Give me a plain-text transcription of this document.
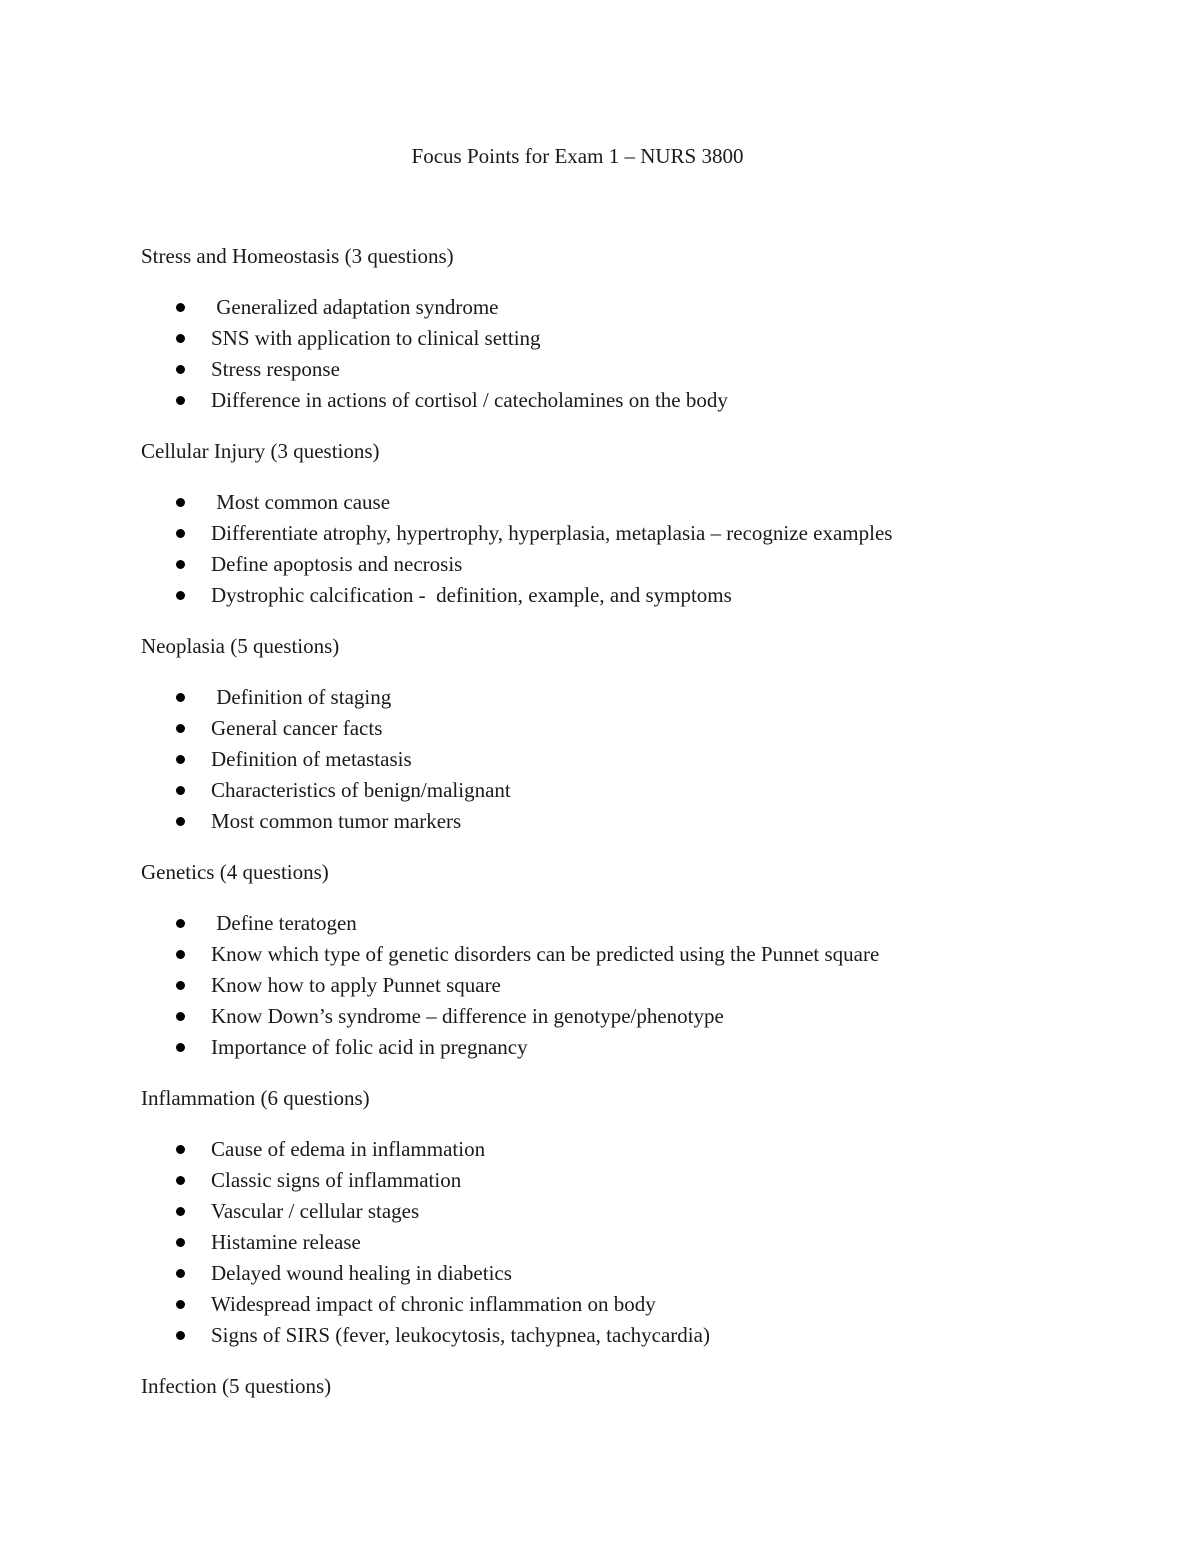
Focus Points for Exam 1 – NURS 3800
Stress and Homeostasis (3 questions)
Generalized adaptation syndrome
SNS with application to clinical setting
Stress response
Difference in actions of cortisol / catecholamines on the body
Cellular Injury (3 questions)
Most common cause
Differentiate atrophy, hypertrophy, hyperplasia, metaplasia – recognize examples
Define apoptosis and necrosis
Dystrophic calcification -  definition, example, and symptoms
Neoplasia (5 questions)
Definition of staging
General cancer facts
Definition of metastasis
Characteristics of benign/malignant
Most common tumor markers
Genetics (4 questions)
Define teratogen
Know which type of genetic disorders can be predicted using the Punnet square
Know how to apply Punnet square
Know Down’s syndrome – difference in genotype/phenotype
Importance of folic acid in pregnancy
Inflammation (6 questions)
Cause of edema in inflammation
Classic signs of inflammation
Vascular / cellular stages
Histamine release
Delayed wound healing in diabetics
Widespread impact of chronic inflammation on body
Signs of SIRS (fever, leukocytosis, tachypnea, tachycardia)
Infection (5 questions)
